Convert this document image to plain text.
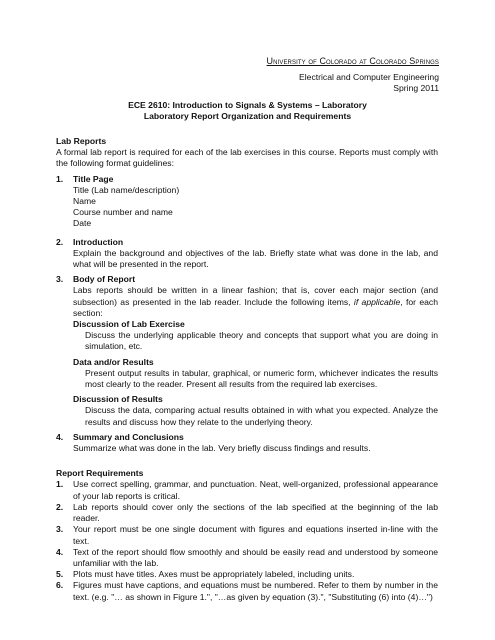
University of Colorado at Colorado Springs
Electrical and Computer Engineering
Spring 2011
ECE 2610: Introduction to Signals & Systems – Laboratory
Laboratory Report Organization and Requirements
Lab Reports

A formal lab report is required for each of the lab exercises in this course. Reports must comply with the following format guidelines:

1. Title Page
Title (Lab name/description)
Name
Course number and name
Date
2. Introduction

Explain the background and objectives of the lab. Briefly state what was done in the lab, and what will be presented in the report.

3. Body of Report

Labs reports should be written in a linear fashion; that is, cover each major section (and subsection) as presented in the lab reader. Include the following items, if applicable, for each section:

Discussion of Lab Exercise
Discuss the underlying applicable theory and concepts that support what you are doing in simulation, etc.
Data and/or Results
Present output results in tabular, graphical, or numeric form, whichever indicates the results most clearly to the reader. Present all results from the required lab exercises.
Discussion of Results
Discuss the data, comparing actual results obtained in with what you expected. Analyze the results and discuss how they relate to the underlying theory.
4. Summary and Conclusions

Summarize what was done in the lab. Very briefly discuss findings and results.

Report Requirements
1. Use correct spelling, grammar, and punctuation. Neat, well-organized, professional appearance of your lab reports is critical.

2. Lab reports should cover only the sections of the lab specified at the beginning of the lab reader.

3. Your report must be one single document with figures and equations inserted in-line with the text.

4. Text of the report should flow smoothly and should be easily read and understood by someone unfamiliar with the lab.

5. Plots must have titles. Axes must be appropriately labeled, including units.

6. Figures must have captions, and equations must be numbered. Refer to them by number in the text. (e.g. "… as shown in Figure 1.", "…as given by equation (3).", "Substituting (6) into (4)…")
